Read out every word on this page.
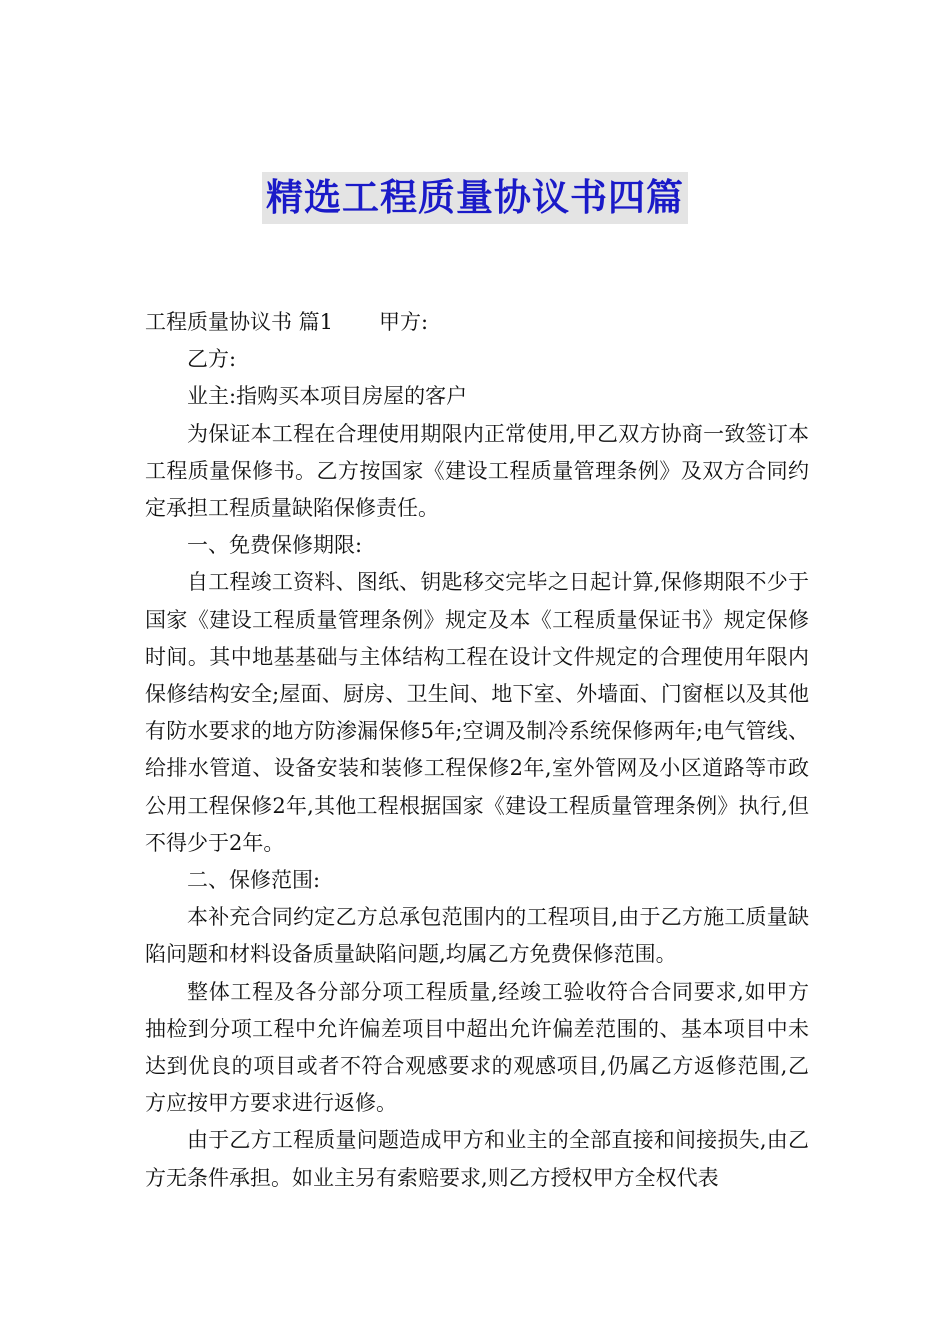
精选工程质量协议书四篇

工程质量协议书 篇1 甲方:

乙方:

业主:指购买本项目房屋的客户

为保证本工程在合理使用期限内正常使用,甲乙双方协商一致签订本工程质量保修书。乙方按国家《建设工程质量管理条例》及双方合同约定承担工程质量缺陷保修责任。

一、免费保修期限:

自工程竣工资料、图纸、钥匙移交完毕之日起计算,保修期限不少于国家《建设工程质量管理条例》规定及本《工程质量保证书》规定保修时间。其中地基基础与主体结构工程在设计文件规定的合理使用年限内保修结构安全;屋面、厨房、卫生间、地下室、外墙面、门窗框以及其他有防水要求的地方防渗漏保修5年;空调及制冷系统保修两年;电气管线、给排水管道、设备安装和装修工程保修2年,室外管网及小区道路等市政公用工程保修2年,其他工程根据国家《建设工程质量管理条例》执行,但不得少于2年。

二、保修范围:

本补充合同约定乙方总承包范围内的工程项目,由于乙方施工质量缺陷问题和材料设备质量缺陷问题,均属乙方免费保修范围。

整体工程及各分部分项工程质量,经竣工验收符合合同要求,如甲方抽检到分项工程中允许偏差项目中超出允许偏差范围的、基本项目中未达到优良的项目或者不符合观感要求的观感项目,仍属乙方返修范围,乙方应按甲方要求进行返修。

由于乙方工程质量问题造成甲方和业主的全部直接和间接损失,由乙方无条件承担。如业主另有索赔要求,则乙方授权甲方全权代表
